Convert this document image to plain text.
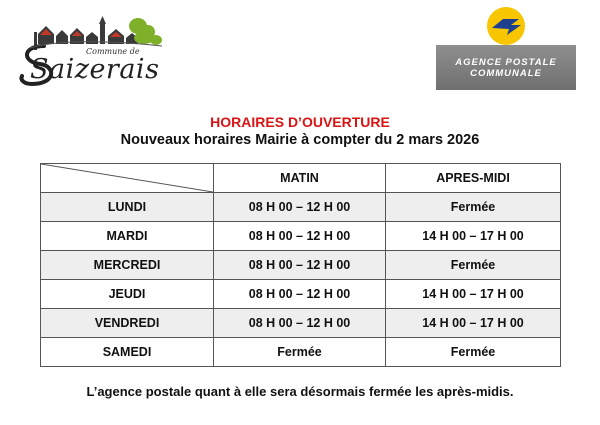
Commune de
Saizerais	AGENCE POSTALE
COMMUNALE
HORAIRES D’OUVERTURE
Nouveaux horaires Mairie à compter du 2 mars 2026
	MATIN	APRES-MIDI
LUNDI	08 H 00 – 12 H 00	Fermée
MARDI	08 H 00 – 12 H 00	14 H 00 – 17 H 00
MERCREDI	08 H 00 – 12 H 00	Fermée
JEUDI	08 H 00 – 12 H 00	14 H 00 – 17 H 00
VENDREDI	08 H 00 – 12 H 00	14 H 00 – 17 H 00
SAMEDI	Fermée	Fermée
L’agence postale quant à elle sera désormais fermée les après-midis.
